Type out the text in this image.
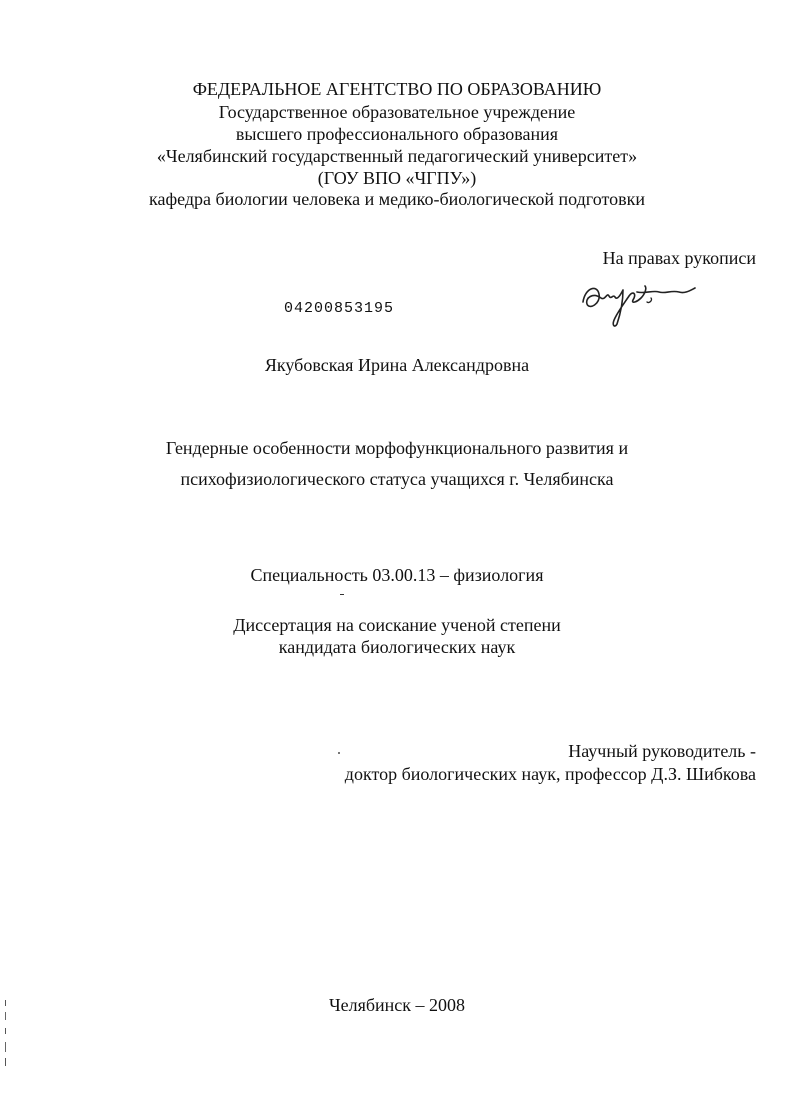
ФЕДЕРАЛЬНОЕ АГЕНТСТВО ПО ОБРАЗОВАНИЮ
Государственное образовательное учреждение
высшего профессионального образования
«Челябинский государственный педагогический университет»
(ГОУ ВПО «ЧГПУ»)
кафедра биологии человека и медико-биологической подготовки
На правах рукописи
04200853195
Якубовская Ирина Александровна
Гендерные особенности морфофункционального развития и
психофизиологического статуса учащихся г. Челябинска
Специальность 03.00.13 – физиология
Диссертация на соискание ученой степени
кандидата биологических наук
Научный руководитель -
доктор биологических наук, профессор Д.З. Шибкова
Челябинск – 2008
